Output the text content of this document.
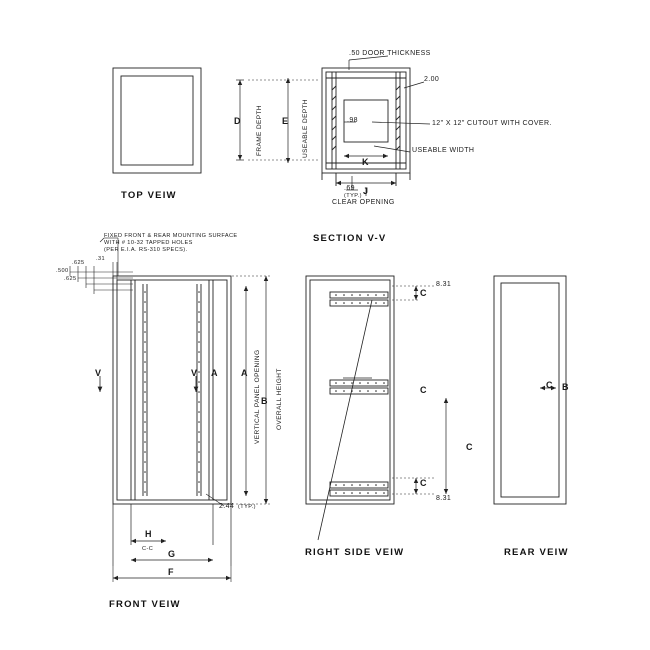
TOP VEIW
.50 DOOR THICKNESS
2.00
.98	12" X 12" CUTOUT WITH COVER.
USEABLE WIDTH
D	E
FRAME DEPTH	USEABLE DEPTH
K
J
.69
(TYP.)
CLEAR OPENING
SECTION V-V
FIXED FRONT & REAR MOUNTING SURFACE
WITH # 10-32 TAPPED HOLES
(PER E.I.A. RS-310 SPECS).
.500
.625
.625
.31
V	V A	A
B
VERTICAL PANEL OPENING OVERALL HEIGHT
2.44 (TYP.)
H
C-C G
F
FRONT VEIW
8.31
C
C
C
8.31
C
RIGHT SIDE VEIW
C B
REAR VEIW
